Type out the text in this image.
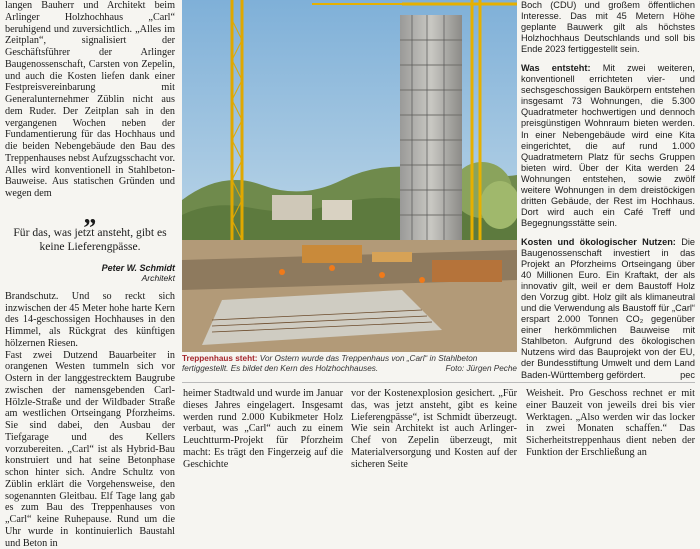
langen Bauherr und Architekt beim Arlinger Holzhochhaus „Carl“ beruhigend und zuversichtlich. „Alles im Zeitplan“, signalisiert der Geschäftsführer der Arlinger Baugenossenschaft, Carsten von Zepelin, und auch die Kosten liefen dank einer Festpreisvereinbarung mit Generalunternehmer Züblin nicht aus dem Ruder. Der Zeitplan sah in den vergangenen Wochen neben der Fundamentierung für das Hochhaus und die beiden Nebengebäude den Bau des Treppenhauses nebst Aufzugsschacht vor. Alles wird konventionell in Stahlbeton-Bauweise. Aus statischen Gründen und wegen dem

„
Für das, was jetzt ansteht, gibt es keine Lieferengpässe.
Peter W. Schmidt
Architekt

Brandschutz. Und so reckt sich inzwischen der 45 Meter hohe harte Kern des 14-geschossigen Hochhauses in den Himmel, als Rückgrat des künftigen hölzernen Riesen.

Fast zwei Dutzend Bauarbeiter in orangenen Westen tummeln sich vor Ostern in der langgestrecktem Baugrube zwischen der namensgebenden Carl-Hölzle-Straße und der Wildbader Straße am westlichen Ortseingang Pforzheims. Sie sind dabei, den Ausbau der Tiefgarage und des Kellers vorzubereiten. „Carl“ ist als Hybrid-Bau konstruiert und hat seine Betonphase schon hinter sich. Andre Schultz von Züblin erklärt die Vorgehensweise, den sogenannten Gleitbau. Elf Tage lang gab es zum Bau des Treppenhauses von „Carl“ keine Ruhepause. Rund um die Uhr wurde in kontinuierlich Baustahl und Beton in

Treppenhaus steht: Vor Ostern wurde das Treppenhaus von „Carl“ in Stahlbeton fertiggestellt. Es bildet den Kern des Holzhochhauses.	Foto: Jürgen Peche

Boch (CDU) und großem öffentlichen Interesse. Das mit 45 Metern Höhe geplante Bauwerk gilt als höchstes Holzhochhaus Deutschlands und soll bis Ende 2023 fertiggestellt sein.

Was entsteht: Mit zwei weiteren, konventionell errichteten vier- und sechsgeschossigen Baukörpern entstehen insgesamt 73 Wohnungen, die 5.300 Quadratmeter hochwertigen und dennoch preisgünstigen Wohnraum bieten werden. In einer Nebengebäude wird eine Kita eingerichtet, die auf rund 1.000 Quadratmetern Platz für sechs Gruppen bieten wird. Über der Kita werden 24 Wohnungen entstehen, sowie zwölf weitere Wohnungen in dem dreistöckigen dritten Gebäude, der Rest im Hochhaus. Dort wird auch ein Café Treff und Begegnungsstätte sein.

Kosten und ökologischer Nutzen: Die Baugenossenschaft investiert in das Projekt an Pforzheims Ortseingang über 40 Millionen Euro. Ein Kraftakt, der als innovativ gilt, weil er dem Baustoff Holz den Vorzug gibt. Holz gilt als klimaneutral und die Verwendung als Baustoff für „Carl“ erspart 2.000 Tonnen CO₂ gegenüber einer herkömmlichen Bauweise mit Stahlbeton. Aufgrund des ökologischen Nutzens wird das Bauprojekt von der EU, der Bundesstiftung Umwelt und dem Land Baden-Württemberg gefördert.	pec

heimer Stadtwald und wurde im Januar dieses Jahres eingelagert. Insgesamt werden rund 2.000 Kubikmeter Holz verbaut, was „Carl“ auch zu einem Leuchtturm-Projekt für Pforzheim macht: Es trägt den Fingerzeig auf die Geschichte
vor der Kostenexplosion gesichert. „Für das, was jetzt ansteht, gibt es keine Lieferengpässe“, ist Schmidt überzeugt. Wie sein Architekt ist auch Arlinger-Chef von Zepelin überzeugt, mit Materialversorgung und Kosten auf der sicheren Seite
Weisheit. Pro Geschoss rechnet er mit einer Bauzeit von jeweils drei bis vier Werktagen. „Also werden wir das locker in zwei Monaten schaffen.“ Das Sicherheitstreppenhaus dient neben der Funktion der Erschließung an
